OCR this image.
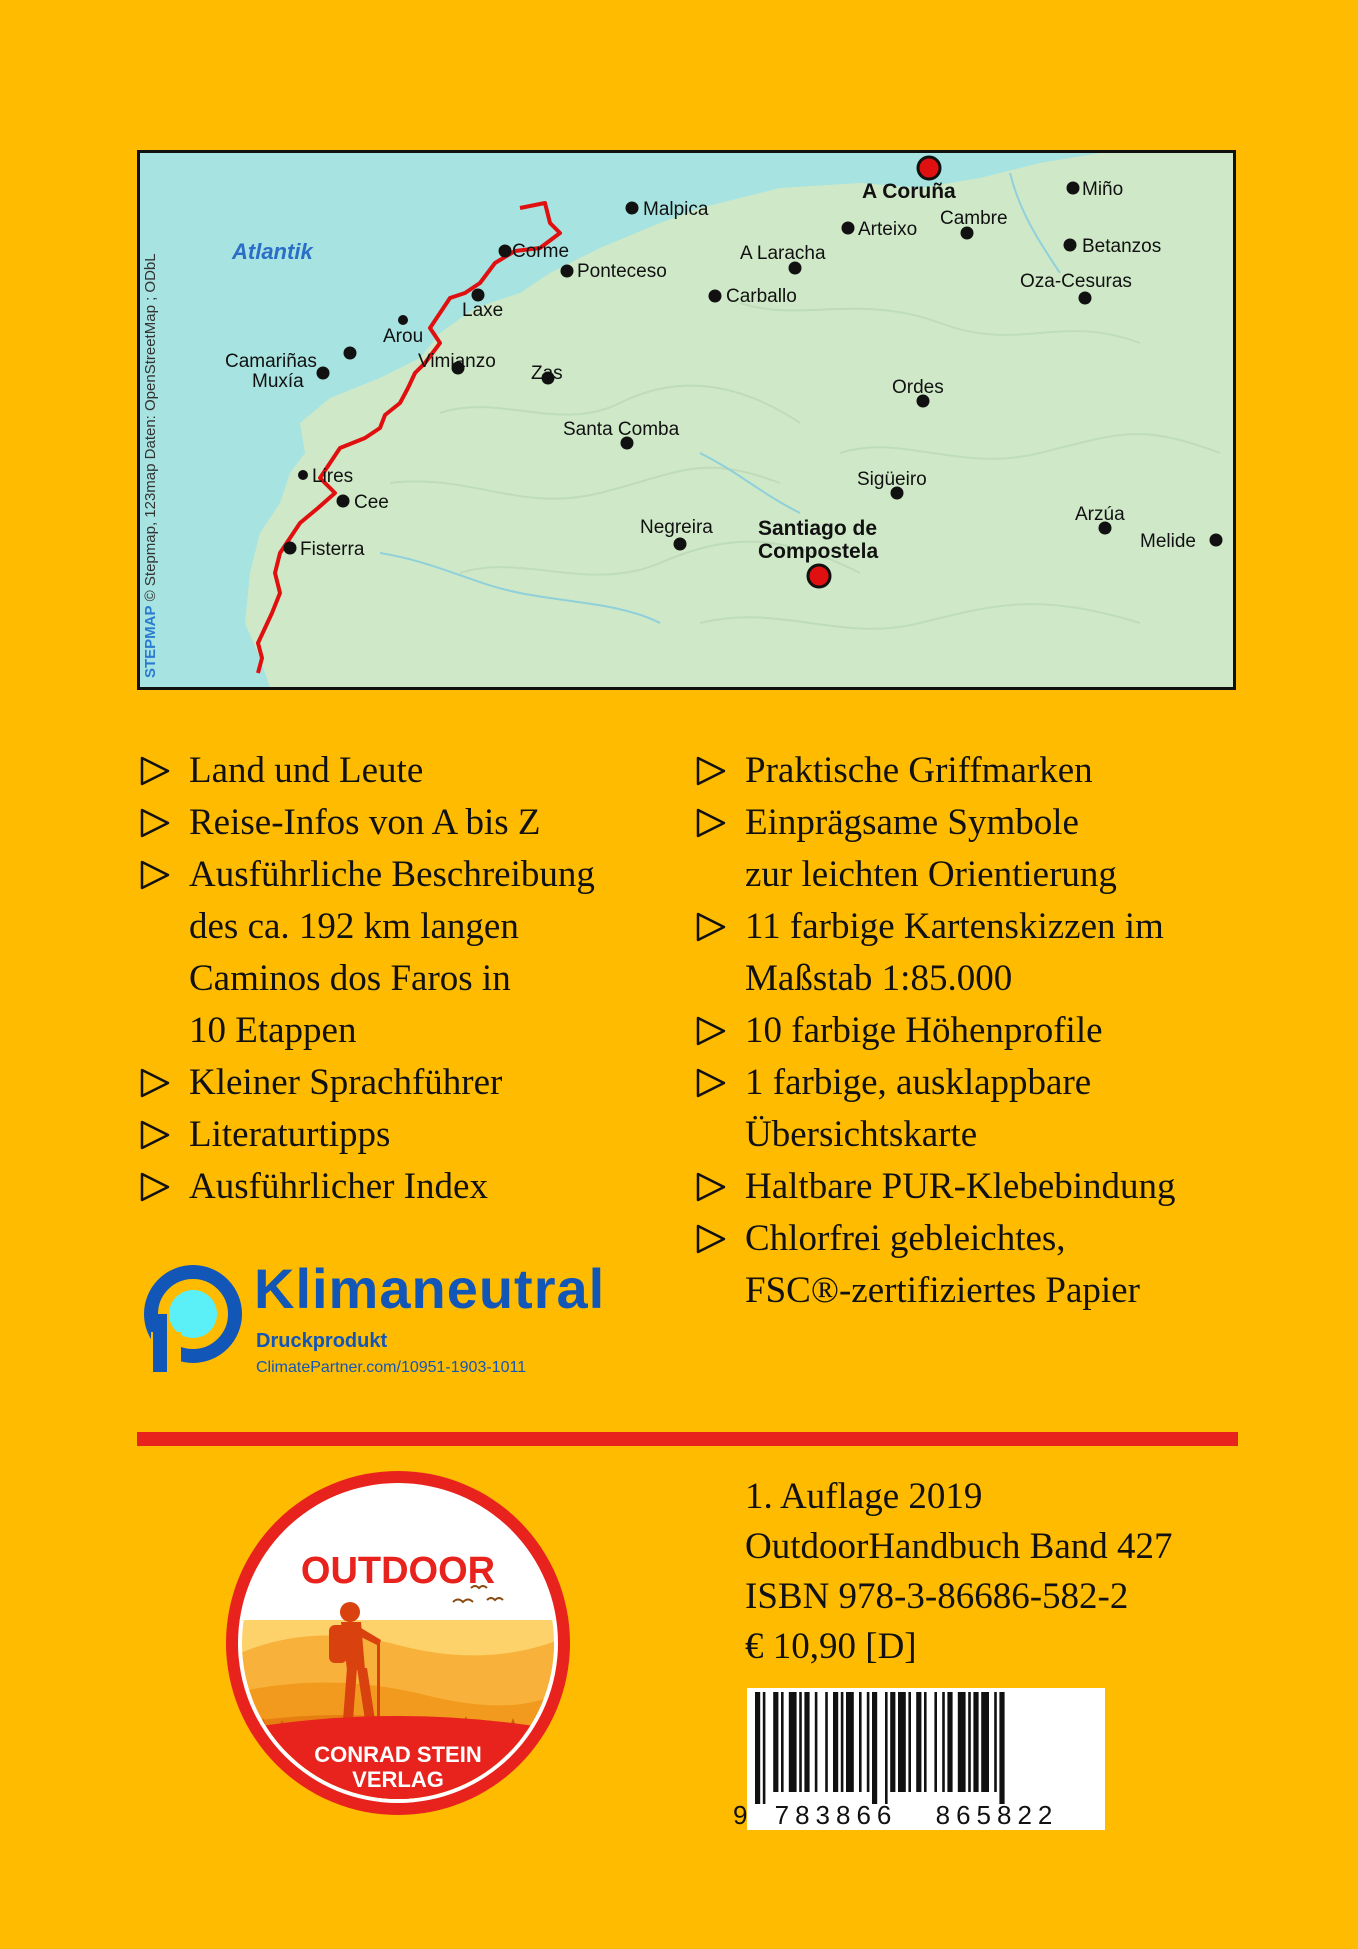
Atlantik
A Coruña	Miño
Malpica
Arteixo
Cambre
Betanzos
Corme	A Laracha
Ponteceso	Oza-Cesuras
Laxe
Carballo
Arou
Camariñas	Vimianzo
Zas
Muxía	Ordes
Santa Comba
Lires	Sigüeiro
Cee
Arzúa
Negreira Santiago de
Compostela	Melide
Fisterra
STEPMAP © Stepmap, 123map Daten: OpenStreetMap ; ODbL
Land und Leute
Reise-Infos von A bis Z
Ausführliche Beschreibung
des ca. 192 km langen
Caminos dos Faros in
10 Etappen
Kleiner Sprachführer
Literaturtipps
Ausführlicher Index
Praktische Griffmarken
Einprägsame Symbole
zur leichten Orientierung
11 farbige Kartenskizzen im
Maßstab 1:85.000
10 farbige Höhenprofile
1 farbige, ausklappbare
Übersichtskarte
Haltbare PUR-Klebebindung
Chlorfrei gebleichtes,
FSC®-zertifiziertes Papier
Klimaneutral
Druckprodukt
ClimatePartner.com/10951-1903-1011
OUTDOOR
CONRAD STEIN
VERLAG
1. Auflage 2019
OutdoorHandbuch Band 427
ISBN 978-3-86686-582-2
€ 10,90 [D]
9 783866 865822
